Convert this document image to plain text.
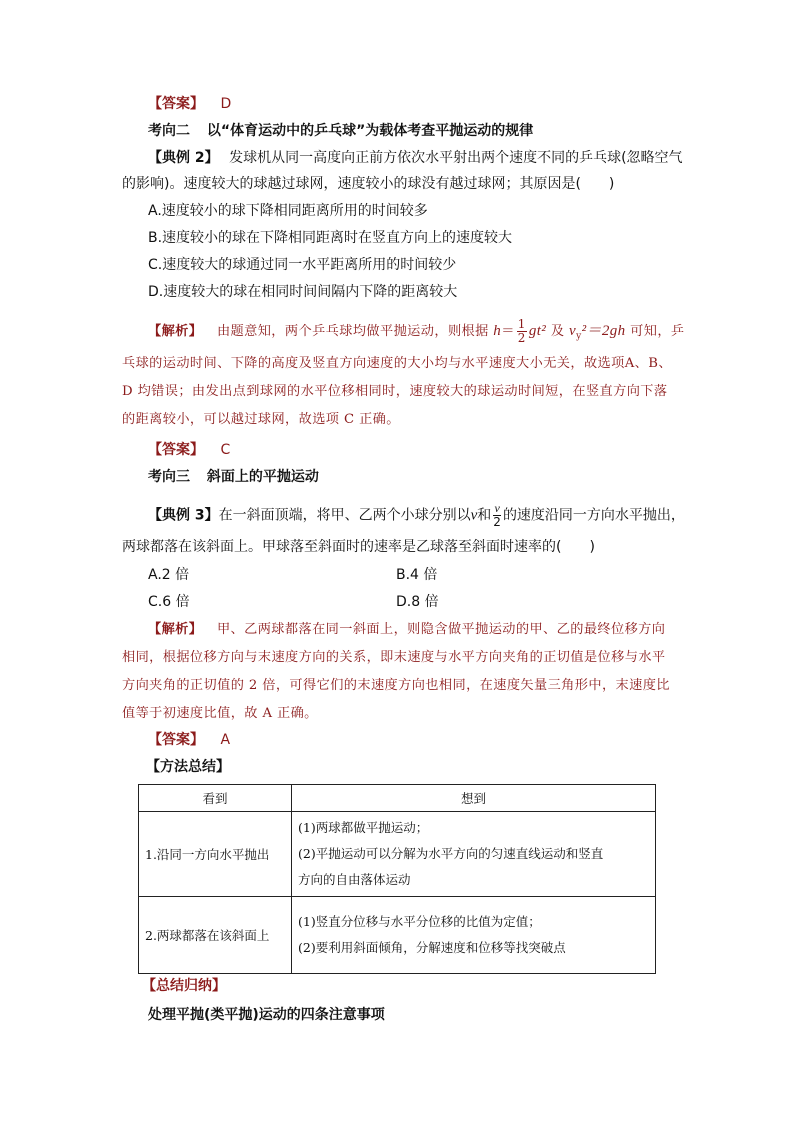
【答案】 D
考向二 以“体育运动中的乒乓球”为载体考查平抛运动的规律
【典例 2】 发球机从同一高度向正前方依次水平射出两个速度不同的乒乓球(忽略空气
的影响)。速度较大的球越过球网，速度较小的球没有越过球网；其原因是(　　)
A.速度较小的球下降相同距离所用的时间较多
B.速度较小的球在下降相同距离时在竖直方向上的速度较大
C.速度较大的球通过同一水平距离所用的时间较少
D.速度较大的球在相同时间间隔内下降的距离较大
【解析】 由题意知，两个乒乓球均做平抛运动，则根据 $h= \frac{1}{2} gt^2$ 及 $v_y^2=2gh$ 可知，乒
乓球的运动时间、下降的高度及竖直方向速度的大小均与水平速度大小无关，故选项A、B、
D 均错误；由发出点到球网的水平位移相同时，速度较大的球运动时间短，在竖直方向下落
的距离较小，可以越过球网，故选项 C 正确。
【答案】 C
考向三 斜面上的平抛运动
【典例 3】在一斜面顶端，将甲、乙两个小球分别以v和 $\frac{v}{2}$ 的速度沿同一方向水平抛出，
两球都落在该斜面上。甲球落至斜面时的速率是乙球落至斜面时速率的(　　)
A.2 倍	B.4 倍
C.6 倍	D.8 倍
【解析】 甲、乙两球都落在同一斜面上，则隐含做平抛运动的甲、乙的最终位移方向
相同，根据位移方向与末速度方向的关系，即末速度与水平方向夹角的正切值是位移与水平
方向夹角的正切值的 2 倍，可得它们的末速度方向也相同，在速度矢量三角形中，末速度比
值等于初速度比值，故 A 正确。
【答案】 A
【方法总结】
看到	想到
1.沿同一方向水平抛出	(1)两球都做平抛运动；
(2)平抛运动可以分解为水平方向的匀速直线运动和竖直
方向的自由落体运动

2.两球都落在该斜面上	(1)竖直分位移与水平分位移的比值为定值；
(2)要利用斜面倾角，分解速度和位移等找突破点
【总结归纳】
处理平抛(类平抛)运动的四条注意事项
